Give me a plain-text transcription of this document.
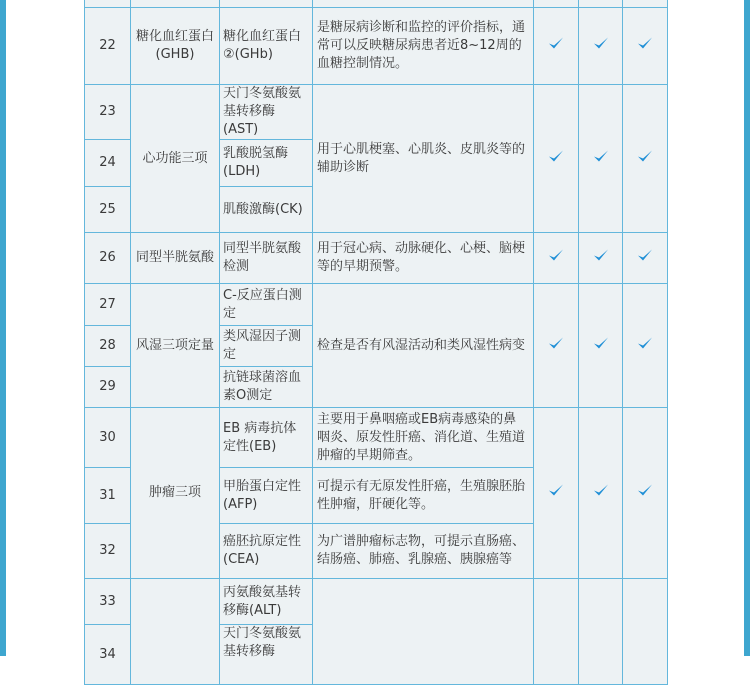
22	糖化血红蛋白(GHB)	糖化血红蛋白②(GHb)	是糖尿病诊断和监控的评价指标，通常可以反映糖尿病患者近8~12周的血糖控制情况。			
23	心功能三项	天门冬氨酸氨基转移酶(AST)	用于心肌梗塞、心肌炎、皮肌炎等的辅助诊断			
24		乳酸脱氢酶(LDH)				
25		肌酸激酶(CK)				
26	同型半胱氨酸	同型半胱氨酸检测	用于冠心病、动脉硬化、心梗、脑梗等的早期预警。			
27	风湿三项定量	C-反应蛋白测定	检查是否有风湿活动和类风湿性病变			
28		类风湿因子测定				
29		抗链球菌溶血素O测定				
30	肿瘤三项	EB 病毒抗体定性(EB)	主要用于鼻咽癌或EB病毒感染的鼻咽炎、原发性肝癌、消化道、生殖道肿瘤的早期筛查。			
31		甲胎蛋白定性(AFP)	可提示有无原发性肝癌，生殖腺胚胎性肿瘤，肝硬化等。			
32		癌胚抗原定性(CEA)	为广谱肿瘤标志物，可提示直肠癌、结肠癌、肺癌、乳腺癌、胰腺癌等			
33		丙氨酸氨基转移酶(ALT)				
34		天门冬氨酸氨基转移酶				
